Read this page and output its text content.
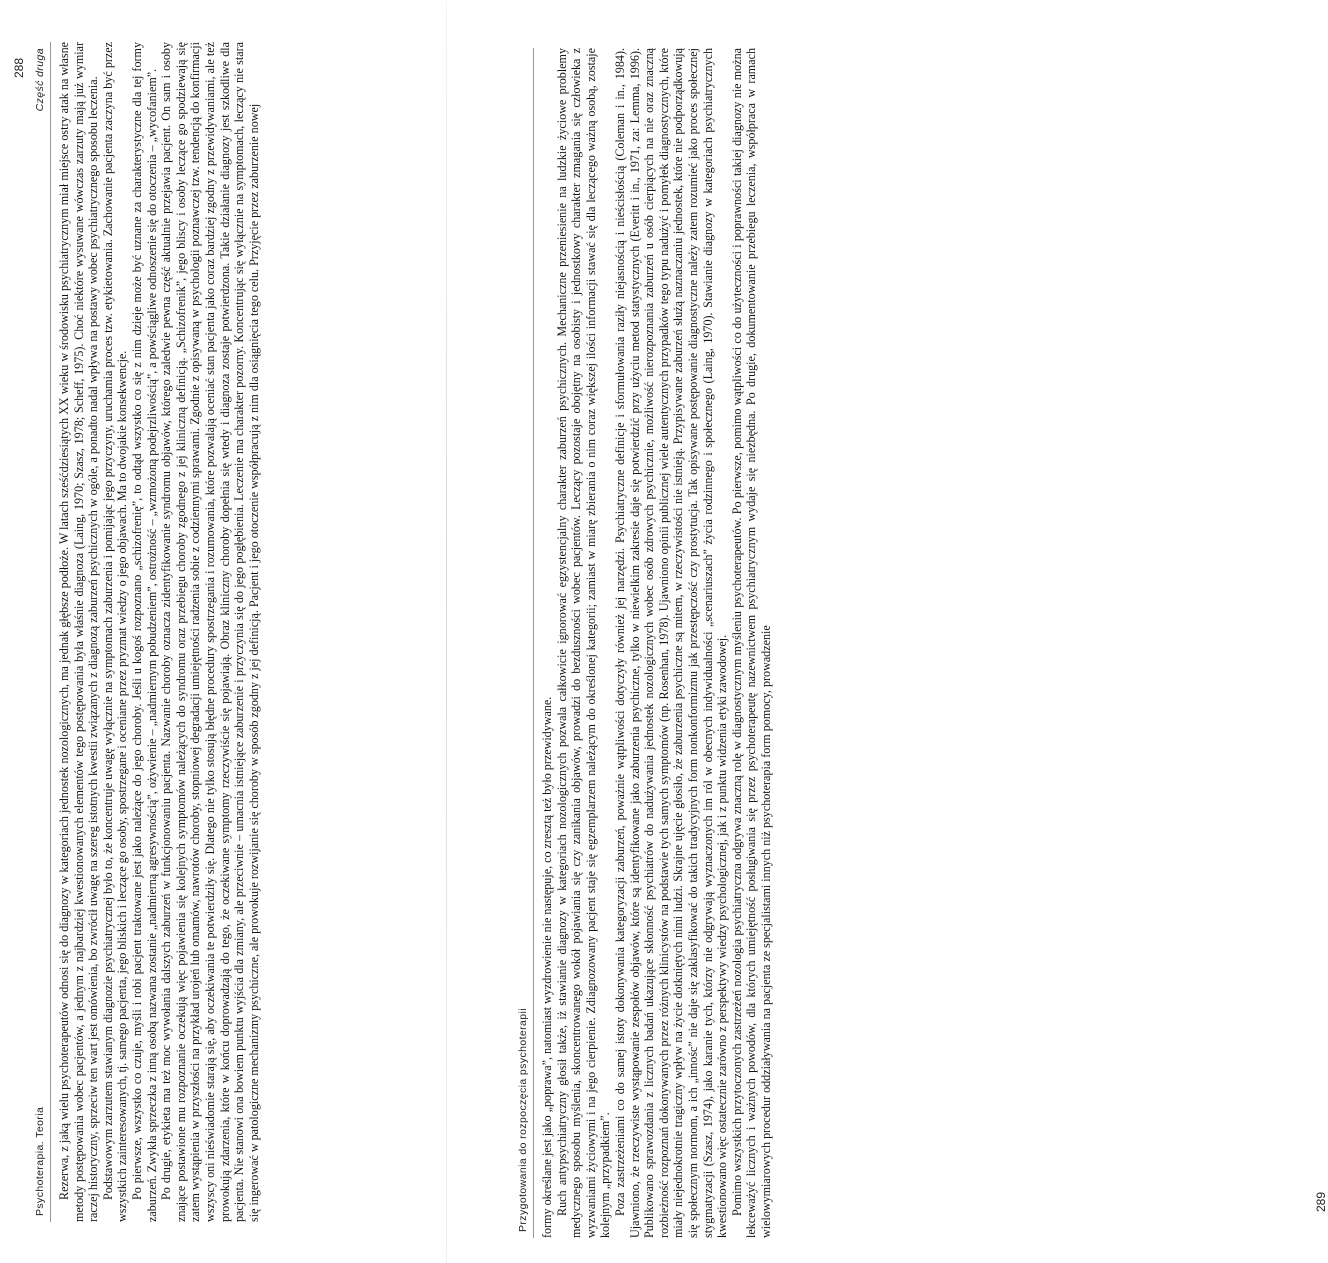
Psychoterapia. Teoria
Część druga Rezerwa, z jaką wielu psychoterapeutów odnosi się do diagnozy w kategoriach jednostek nozologicznych, ma jednak głębsze podłoże. W latach sześćdziesiątych XX wieku w środowisku psychiatrycznym miał miejsce ostry atak na własne metody postępowania wobec pacjentów, a jednym z najbardziej kwestionowanych elementów tego postępowania była właśnie diagnoza (Laing, 1970; Szasz, 1978; Scheff, 1975). Choć niektóre wysuwane wówczas zarzuty mają już wymiar raczej historyczny, sprzeciw ten wart jest omówienia, bo zwrócił uwagę na szereg istotnych kwestii związanych z diagnozą zaburzeń psychicznych w ogóle, a ponadto nadal wpływa na postawy wobec psychiatrycznego sposobu leczenia. Podstawowym zarzutem stawianym diagnozie psychiatrycznej było to, że koncentruje uwagę wyłącznie na symptomach zaburzenia i pomijając jego przyczyny, uruchamia proces tzw. etykietowania. Zachowanie pacjenta zaczyna być przez wszystkich zainteresowanych, tj. samego pacjenta, jego bliskich i leczące go osoby, spostrzegane i oceniane przez pryzmat wiedzy o jego objawach. Ma to dwojakie konsekwencje. Po pierwsze, wszystko co czuje, myśli i robi pacjent traktowane jest jako należące do jego choroby. Jeśli u kogoś rozpoznano „schizofrenię”, to odtąd wszystko co się z nim dzieje może być uznane za charakterystyczne dla tej formy zaburzeń. Zwykła sprzeczka z inną osobą nazwana zostanie „nadmierną agresywnością”, ożywienie – „nadmiernym pobudzeniem”, ostrożność – „wzmożoną podejrzliwością”, a powściągliwe odnoszenie się do otoczenia – „wycofaniem”. Po drugie, etykieta ma też moc wywołania dalszych zaburzeń w funkcjonowaniu pacjenta. Nazwanie choroby oznacza zidentyfikowanie syndromu objawów, którego zaledwie pewna część aktualnie przejawia pacjent. On sam i osoby znające postawione mu rozpoznanie oczekują więc pojawienia się kolejnych symptomów należących do syndromu oraz przebiegu choroby zgodnego z jej kliniczną definicją. „Schizofrenik”, jego bliscy i osoby leczące go spodziewają się zatem wystąpienia w przyszłości na przykład urojeń lub omamów, nawrotów choroby, stopniowej degradacji umiejętności radzenia sobie z codziennymi sprawami. Zgodnie z opisywaną w psychologii poznawczej tzw. tendencją do konfirmacji wszyscy oni nieświadomie starają się, aby oczekiwania te potwierdziły się. Dlatego nie tylko stosują błędne procedury spostrzegania i rozumowania, które pozwalają oceniać stan pacjenta jako coraz bardziej zgodny z przewidywaniami, ale też prowokują zdarzenia, które w końcu doprowadzają do tego, że oczekiwane symptomy rzeczywiście się pojawiają. Obraz kliniczny choroby dopełnia się wtedy i diagnoza zostaje potwierdzona. Takie działanie diagnozy jest szkodliwe dla pacjenta. Nie stanowi ona bowiem punktu wyjścia dla zmiany, ale przeciwnie – umacnia istniejące zaburzenie i przyczynia się do jego pogłębienia. Leczenie ma charakter pozorny. Koncentrując się wyłącznie na symptomach, leczący nie stara się ingerować w patologiczne mechanizmy psychiczne, ale prowokuje rozwijanie się choroby w sposób zgodny z jej definicją. Pacjent i jego otoczenie współpracują z nim dla osiągnięcia tego celu. Przyjęcie przez zaburzenie nowej

288
Przygotowania do rozpoczęcia psychoterapii formy określane jest jako „poprawa”, natomiast wyzdrowienie nie następuje, co zresztą też było przewidywane. Ruch antypsychiatryczny głosił także, iż stawianie diagnozy w kategoriach nozologicznych pozwala całkowicie ignorować egzystencjalny charakter zaburzeń psychicznych. Mechaniczne przeniesienie na ludzkie życiowe problemy medycznego sposobu myślenia, skoncentrowanego wokół pojawiania się czy zanikania objawów, prowadzi do bezduszności wobec pacjentów. Leczący pozostaje obojętny na osobisty i jednostkowy charakter zmagania się człowieka z wyzwaniami życiowymi i na jego cierpienie. Zdiagnozowany pacjent staje się egzemplarzem należącym do określonej kategorii; zamiast w miarę zbierania o nim coraz większej ilości informacji stawać się dla leczącego ważną osobą, zostaje kolejnym „przypadkiem”. Poza zastrzeżeniami co do samej istoty dokonywania kategoryzacji zaburzeń, poważnie wątpliwości dotyczyły również jej narzędzi. Psychiatryczne definicje i sformułowania raziły niejasnością i nieścisłością (Coleman i in., 1984). Ujawniono, że rzeczywiste wystąpowanie zespołów objawów, które są identyfikowane jako zaburzenia psychiczne, tylko w niewielkim zakresie daje się potwierdzić przy użyciu metod statystycznych (Everitt i in., 1971, za: Lemma, 1996). Publikowano sprawozdania z licznych badań ukazujące skłonność psychiatrów do nadużywania jednostek nozologicznych wobec osób zdrowych psychicznie, możliwość nierozpoznania zaburzeń u osób cierpiących na nie oraz znaczną rozbieżność rozpoznań dokonywanych przez różnych klinicystów na podstawie tych samych symptomów (np. Rosenhan, 1978). Ujawniono opinii publicznej wiele autentycznych przypadków tego typu nadużyć i pomyłek diagnostycznych, które miały niejednokrotnie tragiczny wpływ na życie dotkniętych nimi ludzi. Skrajne ujęcie głosiło, że zaburzenia psychiczne są mitem, w rzeczywistości nie istnieją. Przypisywane zaburzeń służą naznaczaniu jednostek, które nie podporządkowują się społecznym normom, a ich „innośc” nie daje się zaklasyfikować do takich tradycyjnych form nonkonformizmu jak przestępczość czy prostytucja. Tak opisywane postępowanie diagnostyczne należy zatem rozumieć jako proces społecznej stygmatyzacji (Szasz, 1974), jako karanie tych, którzy nie odgrywają wyznaczonych im ról w obecnych indywidualności „scenariuszach” życia rodzinnego i społecznego (Laing, 1970). Stawianie diagnozy w kategoriach psychiatrycznych kwestionowano więc ostatecznie zarówno z perspektywy wiedzy psychologicznej, jak i z punktu widzenia etyki zawodowej. Pomimo wszystkich przytoczonych zastrzeżeń nozologia psychiatryczna odgrywa znaczną rolę w diagnostycznym myśleniu psychoterapeutów. Po pierwsze, pomimo wątpliwości co do użyteczności i poprawności takiej diagnozy nie można lekceważyć licznych i ważnych powodów, dla których umiejętność posługiwania się przez psychoterapeutę nazewnictwem psychiatrycznym wydaje się niezbędna. Po drugie, dokumentowanie przebiegu leczenia, współpraca w ramach wielowymiarowych procedur oddziaływania na pacjenta ze specjalistami innych niż psychoterapia form pomocy, prowadzenie	289
